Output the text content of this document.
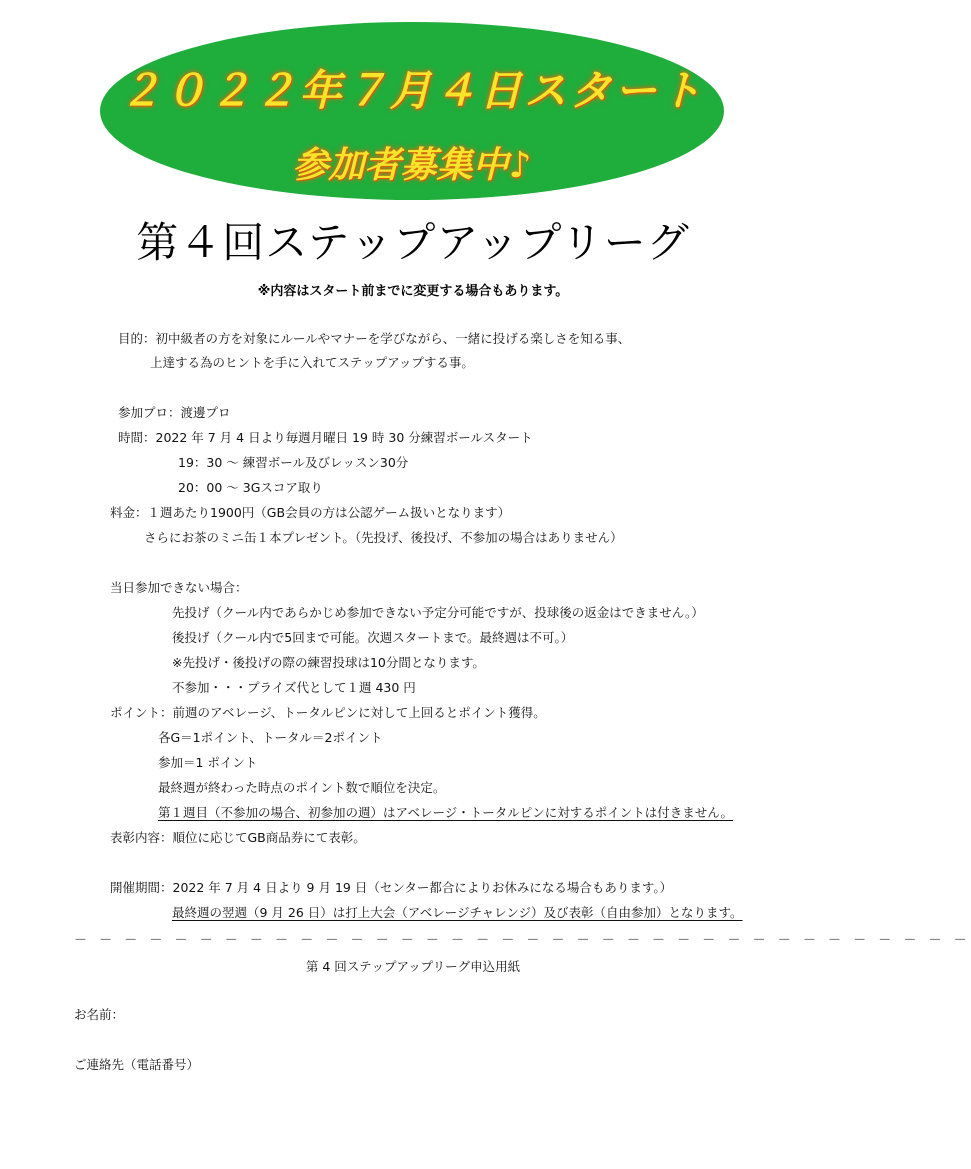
２０２２年７月４日スタート
参加者募集中♪
第４回ステップアップリーグ
※内容はスタート前までに変更する場合もあります。
目的：初中級者の方を対象にルールやマナーを学びながら、一緒に投げる楽しさを知る事、
上達する為のヒントを手に入れてステップアップする事。
参加プロ：渡邊プロ
時間：2022 年 7 月 4 日より毎週月曜日 19 時 30 分練習ボールスタート
19：30 ～ 練習ボール及びレッスン30分
20：00 ～ 3Gスコア取り
料金：１週あたり1900円（GB会員の方は公認ゲーム扱いとなります）
さらにお茶のミニ缶１本プレゼント。（先投げ、後投げ、不参加の場合はありません）
当日参加できない場合：
先投げ（クール内であらかじめ参加できない予定分可能ですが、投球後の返金はできません。）
後投げ（クール内で5回まで可能。次週スタートまで。最終週は不可。）
※先投げ・後投げの際の練習投球は10分間となります。
不参加・・・プライズ代として１週 430 円
ポイント：前週のアベレージ、トータルピンに対して上回るとポイント獲得。
各G＝1ポイント、トータル＝2ポイント
参加＝1 ポイント
最終週が終わった時点のポイント数で順位を決定。
第１週目（不参加の場合、初参加の週）はアベレージ・トータルピンに対するポイントは付きません。
表彰内容：順位に応じてGB商品券にて表彰。
開催期間：2022 年 7 月 4 日より 9 月 19 日（センター都合によりお休みになる場合もあります。）
最終週の翌週（9 月 26 日）は打上大会（アベレージチャレンジ）及び表彰（自由参加）となります。
－ － － － － － － － － － － － － － － － － － － － － － － － － － － － － － － － － － － －
第 4 回ステップアップリーグ申込用紙
お名前：
ご連絡先（電話番号）
